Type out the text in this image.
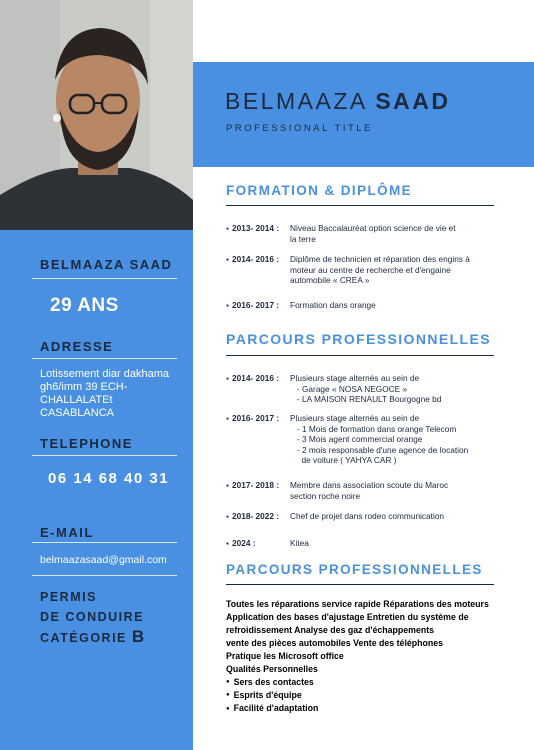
BELMAAZA SAAD
29 ANS
ADRESSE
Lotissement diar dakhama
gh6/imm 39 ECH-
CHALLALATEt
CASABLANCA
TELEPHONE
06 14 68 40 31
E-MAIL
belmaazasaad@gmail.com
PERMIS
DE CONDUIRE
CATÉGORIE B
BELMAAZA SAAD
PROFESSIONAL TITLE
FORMATION & DIPLÔME
● 2013- 2014 : Niveau Baccalauréat option science de vie et
la terre
● 2014- 2016 : Diplôme de technicien et réparation des engins à
moteur au centre de recherche et d'engaine
automobile « CREA »
● 2016- 2017 : Formation dans orange
PARCOURS PROFESSIONNELLES
● 2014- 2016 : Plusieurs stage alternés au sein de
- Garage « NOSA NEGOCE »
- LA MAISON RENAULT Bourgogne bd
● 2016- 2017 : Plusieurs stage alternés au sein de
- 1 Mois de formation dans orange Telecom
- 3 Mois agent commercial orange
- 2 mois responsable d'une agence de location
de voiture ( YAHYA CAR )
● 2017- 2018 : Membre dans association scoute du Maroc
section roche noire
● 2018- 2022 : Chef de projet dans rodeo communication
● 2024 :	Kitea
PARCOURS PROFESSIONNELLES
Toutes les réparations service rapide Réparations des moteurs
Application des bases d'ajustage Entretien du système de
refroidissement Analyse des gaz d'échappements
vente des pièces automobiles Vente des téléphones
Pratique les Microsoft office
Qualités Personnelles
● Sers des contactes
● Esprits d'équipe
● Facilité d'adaptation
